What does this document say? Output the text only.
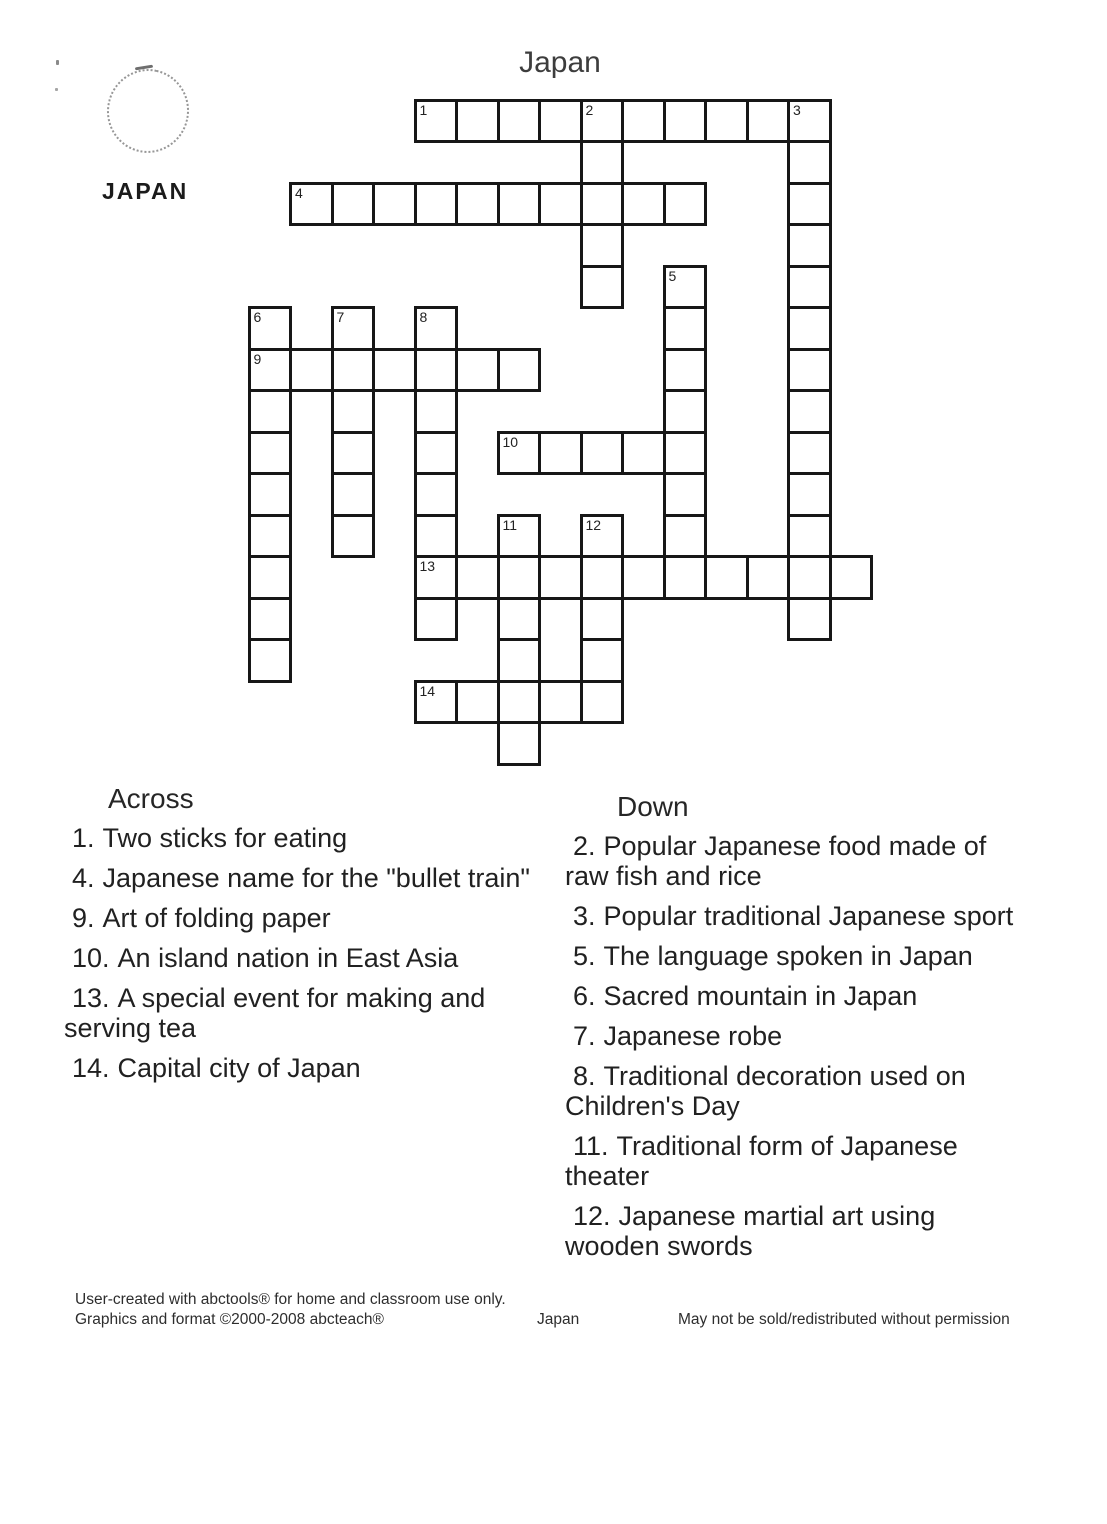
Japan
JAPAN
1	2	3
4
5
6
9
7	8
13
10
11	12
14
Across
1. Two sticks for eating
4. Japanese name for the "bullet train"
9. Art of folding paper
10. An island nation in East Asia
13. A special event for making and serving tea
14. Capital city of Japan
Down
2. Popular Japanese food made of raw fish and rice
3. Popular traditional Japanese sport
5. The language spoken in Japan
6. Sacred mountain in Japan
7. Japanese robe
8. Traditional decoration used on Children's Day
11. Traditional form of Japanese theater
12. Japanese martial art using wooden swords
User-created with abctools® for home and classroom use only.
Graphics and format ©2000-2008 abcteach®	Japan	May not be sold/redistributed without permission
